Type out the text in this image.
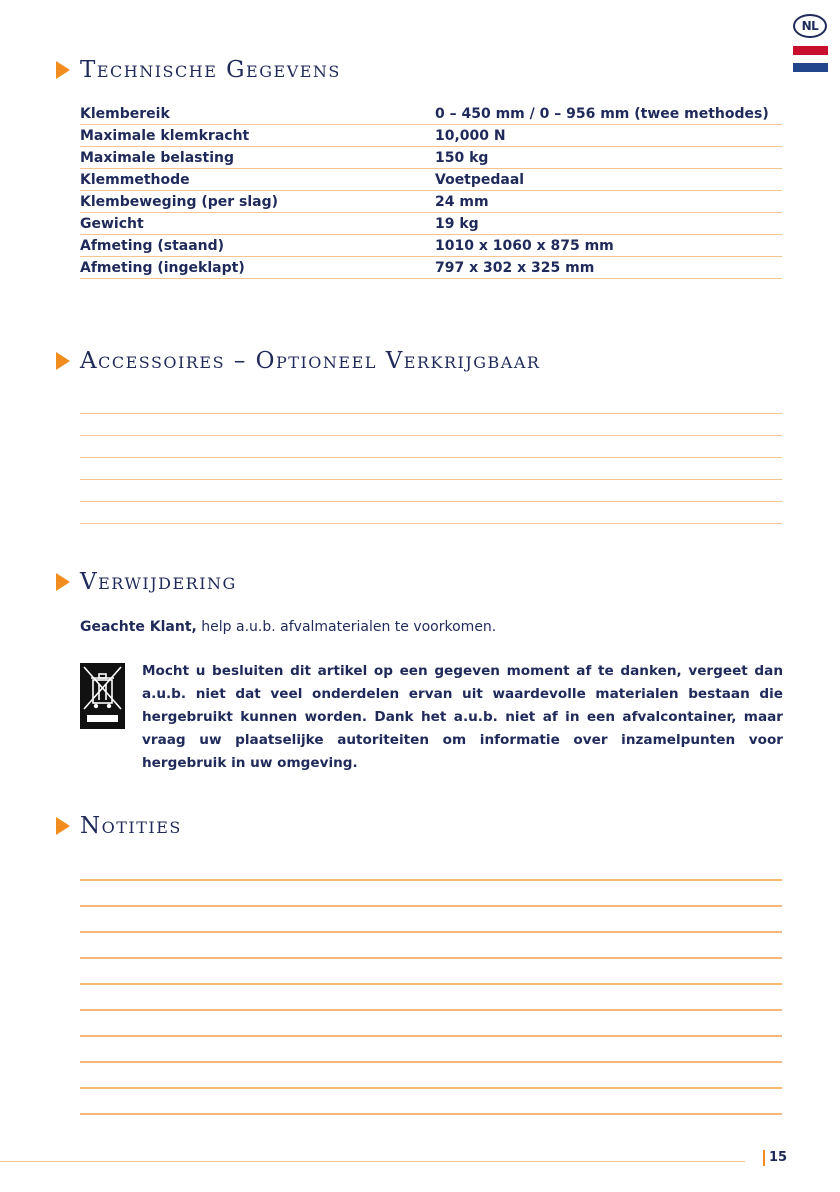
NL
Technische Gegevens
Klembereik	0 – 450 mm / 0 – 956 mm (twee methodes)
Maximale klemkracht	10,000 N
Maximale belasting	150 kg
Klemmethode	Voetpedaal
Klembeweging (per slag)	24 mm
Gewicht	19 kg
Afmeting (staand)	1010 x 1060 x 875 mm
Afmeting (ingeklapt)	797 x 302 x 325 mm
Accessoires – Optioneel Verkrijgbaar
Verwijdering
Geachte Klant, help a.u.b. afvalmaterialen te voorkomen.
Mocht u besluiten dit artikel op een gegeven moment af te danken, vergeet dan a.u.b. niet dat veel onderdelen ervan uit waardevolle materialen bestaan die hergebruikt kunnen worden. Dank het a.u.b. niet af in een afvalcontainer, maar vraag uw plaatselijke autoriteiten om informatie over inzamelpunten voor hergebruik in uw omgeving.
Notities
15
